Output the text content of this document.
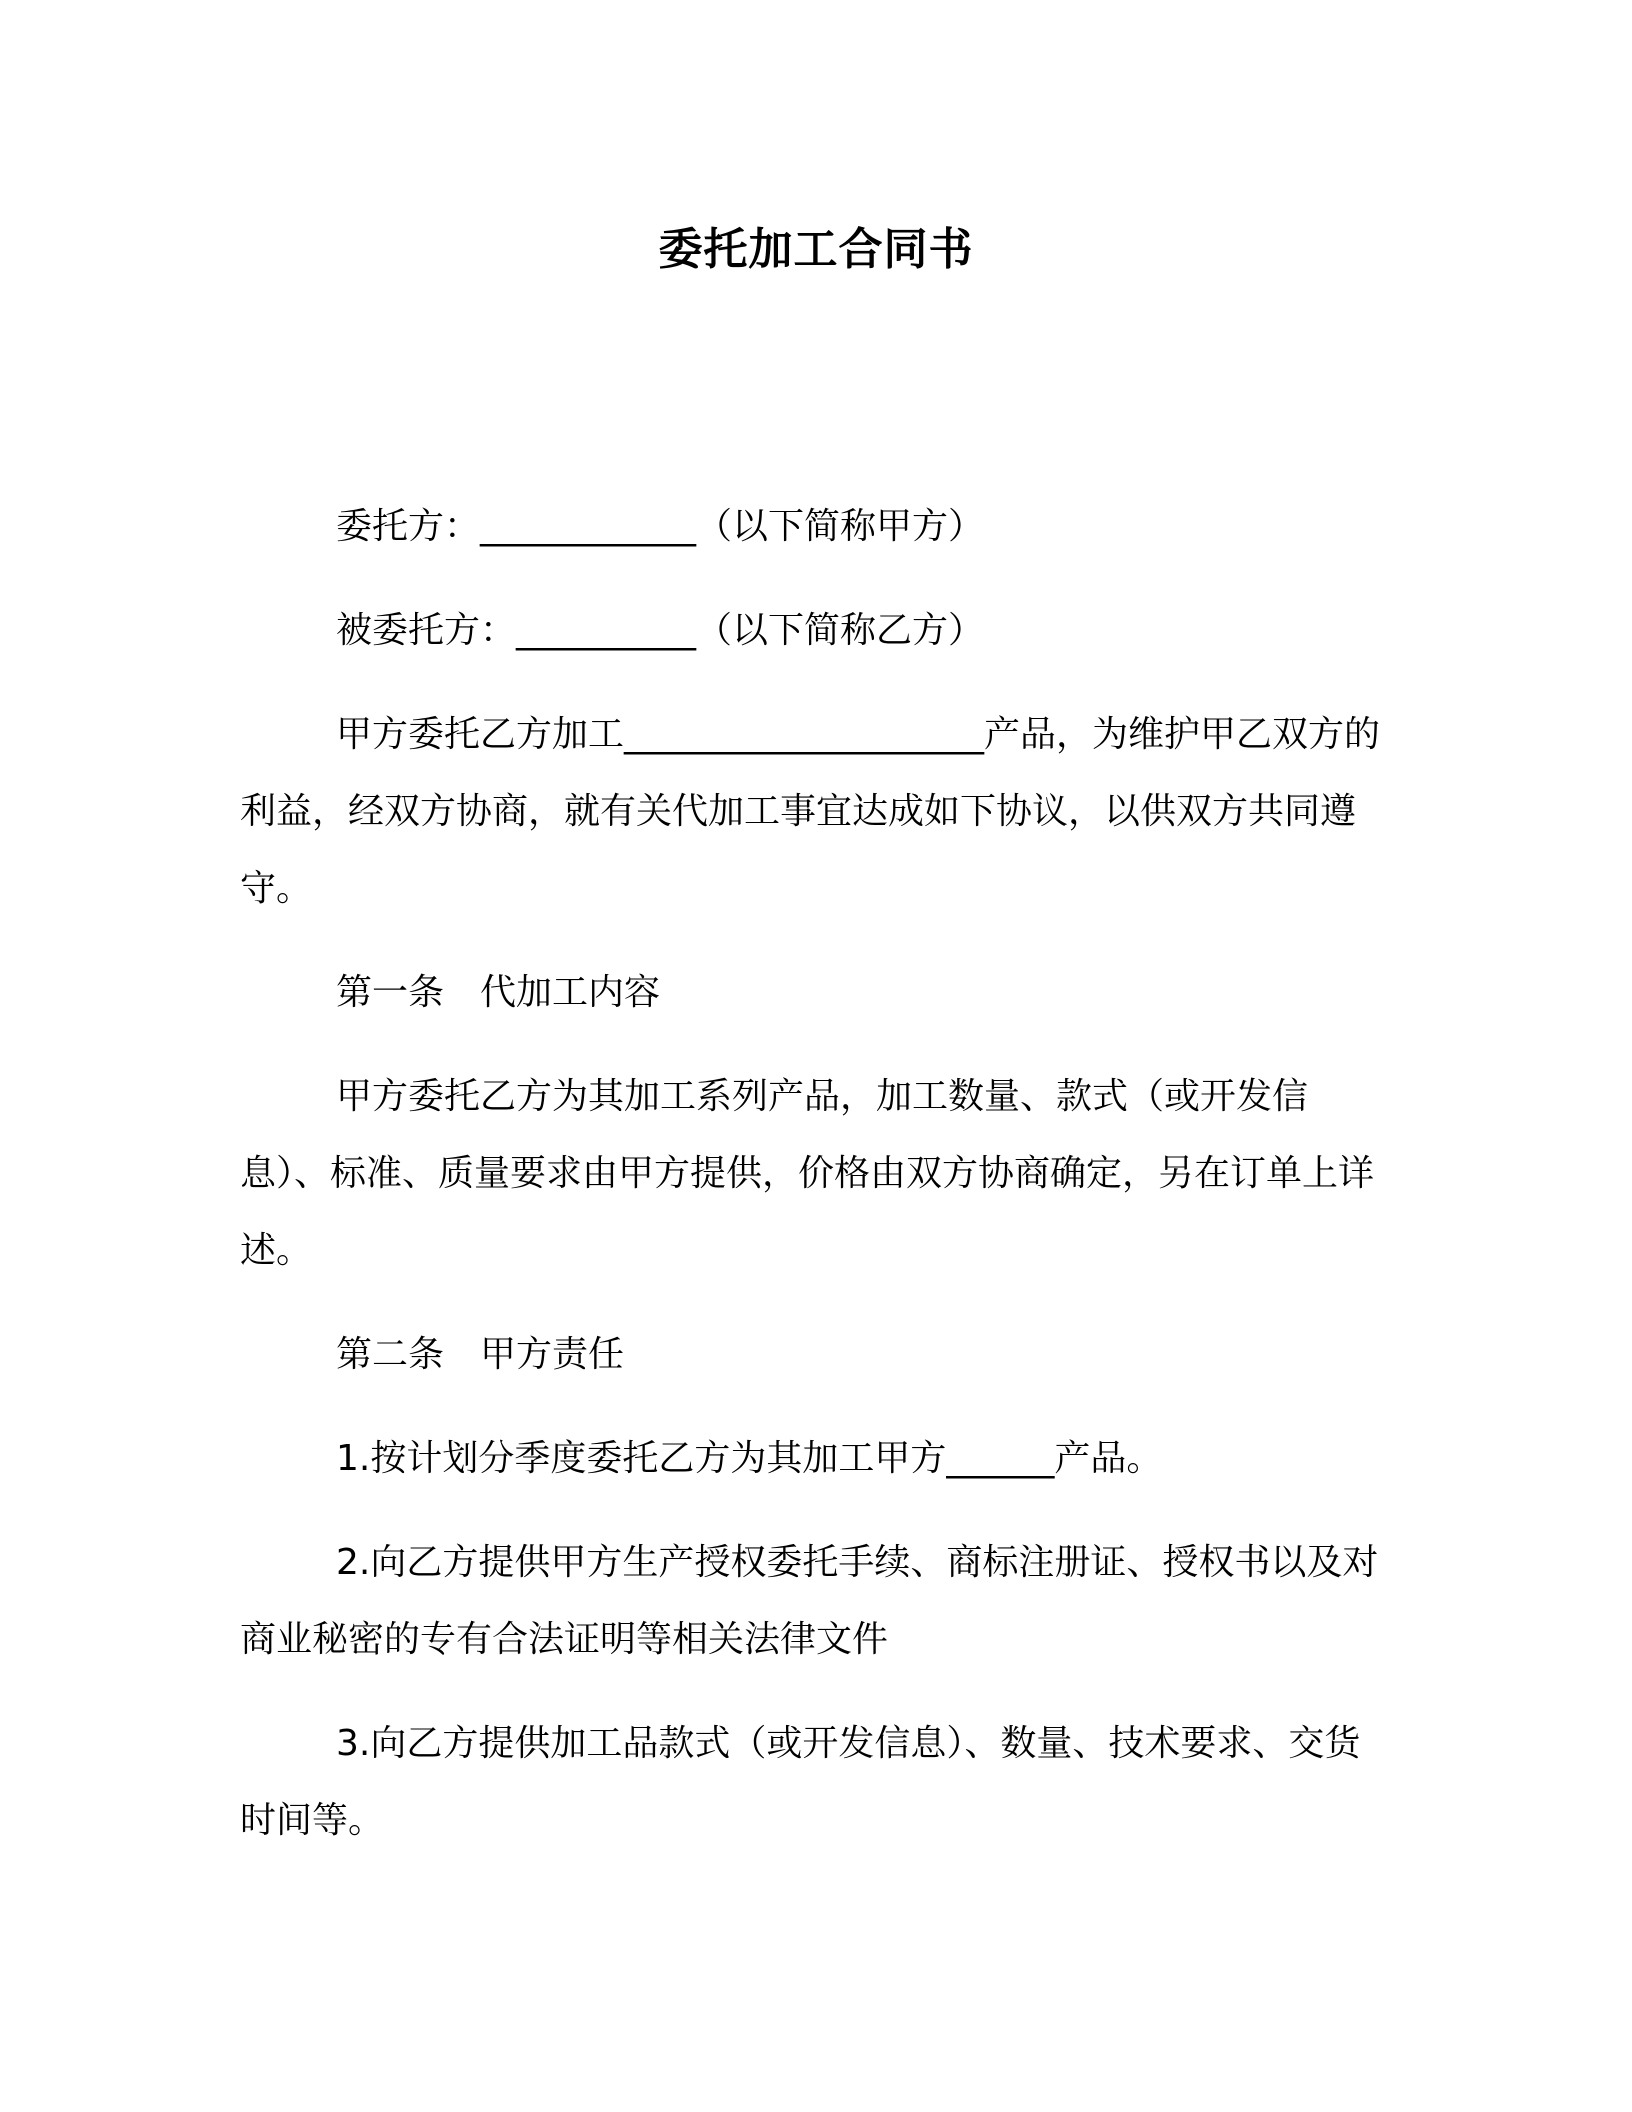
委托加工合同书

委托方：____________（以下简称甲方）

被委托方：__________（以下简称乙方）

甲方委托乙方加工____________________产品，为维护甲乙双方的利益，经双方协商，就有关代加工事宜达成如下协议，以供双方共同遵守。

第一条 代加工内容

甲方委托乙方为其加工系列产品，加工数量、款式（或开发信息）、标准、质量要求由甲方提供，价格由双方协商确定，另在订单上详述。

第二条 甲方责任

1.按计划分季度委托乙方为其加工甲方______产品。

2.向乙方提供甲方生产授权委托手续、商标注册证、授权书以及对商业秘密的专有合法证明等相关法律文件

3.向乙方提供加工品款式（或开发信息）、数量、技术要求、交货时间等。
